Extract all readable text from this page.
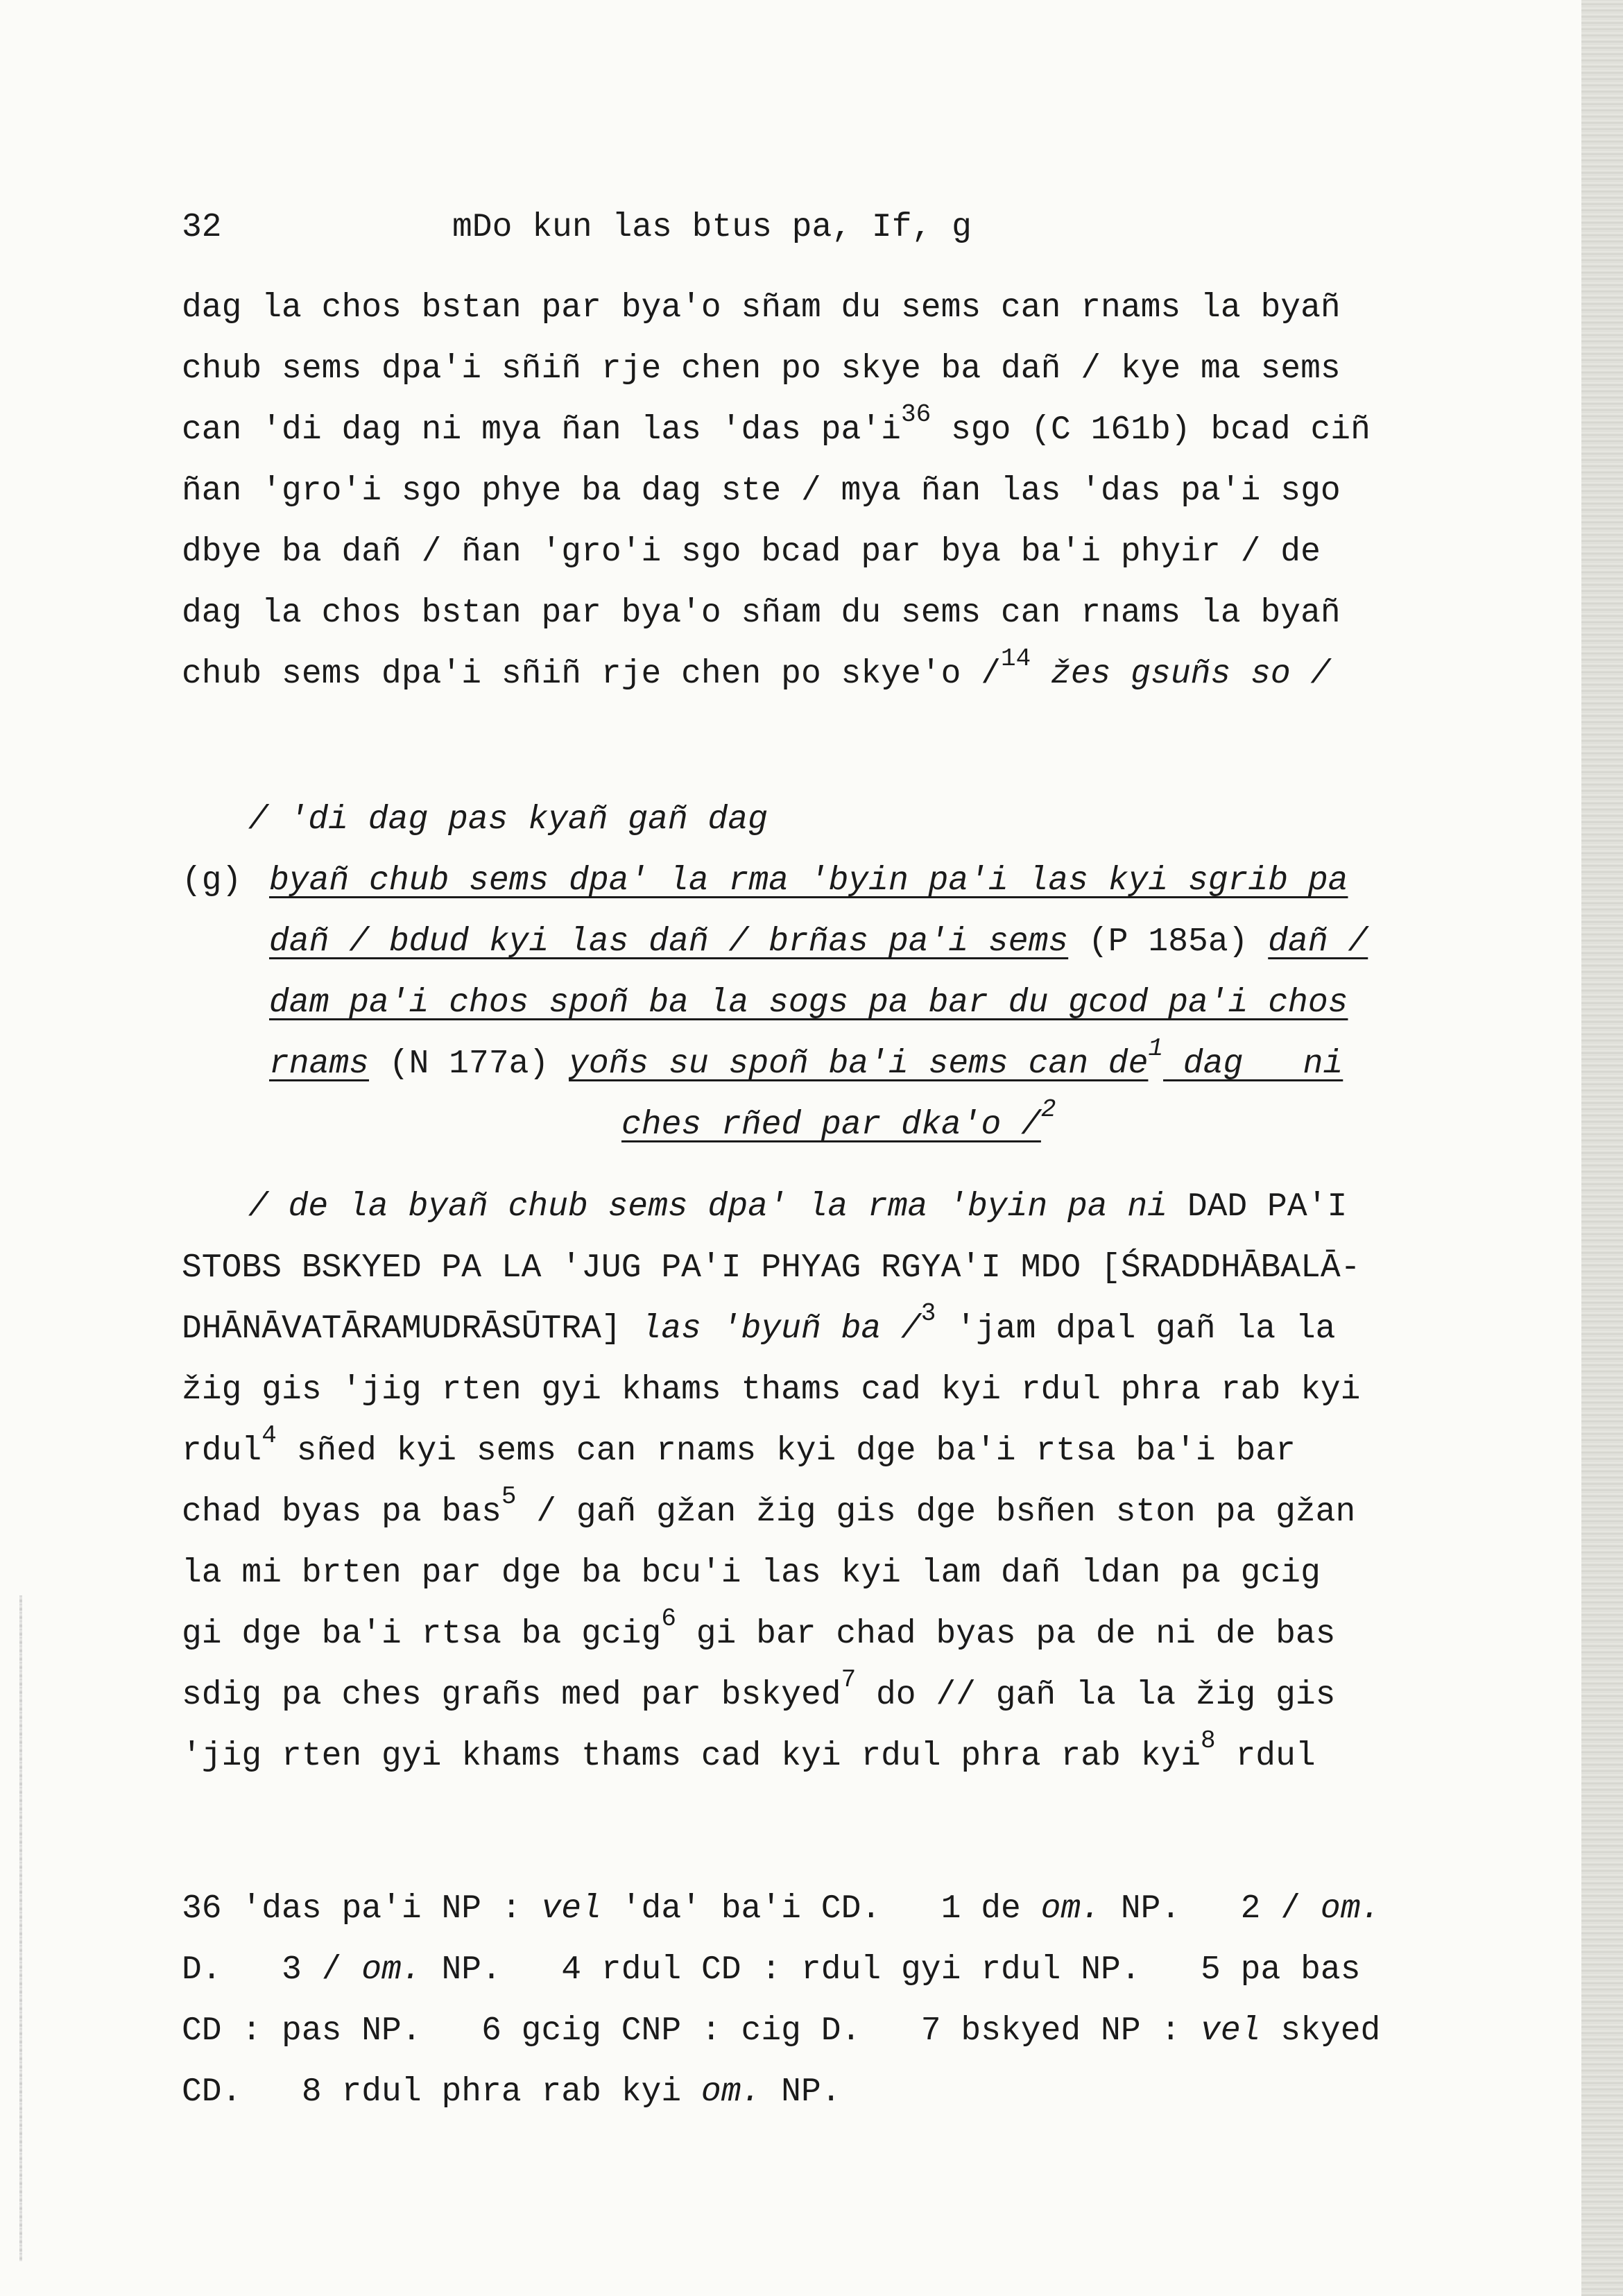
32	mDo kun las btus pa, If, g
dag la chos bstan par bya'o sñam du sems can rnams la byañ
chub sems dpa'i sñiñ rje chen po skye ba dañ / kye ma sems
can 'di dag ni mya ñan las 'das $pa'i^{36}$ sgo (C 161b) bcad ciñ
ñan 'gro'i sgo phye ba dag ste / mya ñan las 'das pa'i sgo
dbye ba dañ / ñan 'gro'i sgo bcad par bya ba'i phyir / de
dag la chos bstan par bya'o sñam du sems can rnams la byañ
chub sems dpa'i sñiñ rje chen po skye'o /$^{14}$ žes gsuñs so /
/ 'di dag pas kyañ gañ dag
(g) byañ chub sems dpa' la rma 'byin pa'i las kyi sgrib pa
dañ / bdud kyi las dañ / brñas pa'i sems (P 185a) dañ /
dam pa'i chos spoñ ba la sogs pa bar du gcod pa'i chos
rnams (N 177a) yoñs su spoñ ba'i sems can $de^1$ dag   ni
ches rñed par dka'o /$^2$
/ de la byañ chub sems dpa' la rma 'byin pa ni DAD PA'I
STOBS BSKYED PA LA 'JUG PA'I PHYAG RGYA'I MDO [ŚRADDHĀBALĀ-
DHĀNĀVATĀRAMUDRĀSŪTRA] las 'byuñ ba /$^3$ 'jam dpal gañ la la
žig gis 'jig rten gyi khams thams cad kyi rdul phra rab kyi
rdul$^4$ sñed kyi sems can rnams kyi dge ba'i rtsa ba'i bar
chad byas pa bas$^5$ / gañ gžan žig gis dge bsñen ston pa gžan
la mi brten par dge ba bcu'i las kyi lam dañ ldan pa gcig
gi dge ba'i rtsa ba gcig$^6$ gi bar chad byas pa de ni de bas
sdig pa ches grañs med par bskyed$^7$ do // gañ la la žig gis
'jig rten gyi khams thams cad kyi rdul phra rab kyi$^8$ rdul
36 'das pa'i NP : vel 'da' ba'i CD.   1 de om. NP.   2 / om.
D.   3 / om. NP.   4 rdul CD : rdul gyi rdul NP.   5 pa bas
CD : pas NP.   6 gcig CNP : cig D.   7 bskyed NP : vel skyed
CD.   8 rdul phra rab kyi om. NP.
